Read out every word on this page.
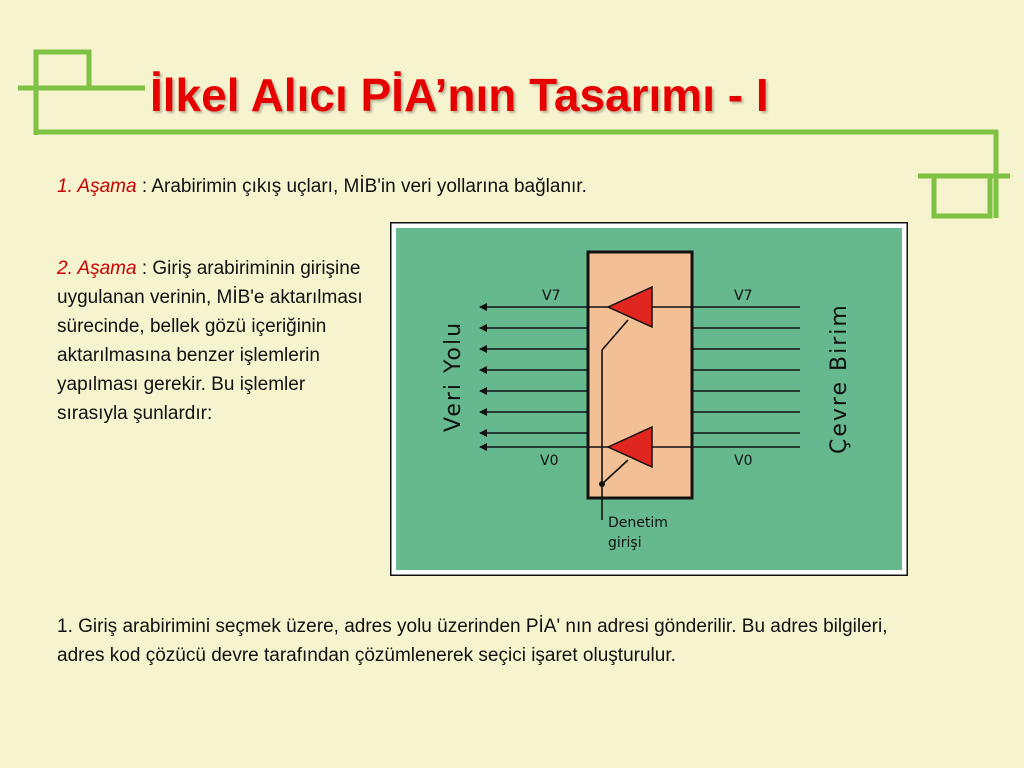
İlkel Alıcı PİA’nın Tasarımı - I
1. Aşama : Arabirimin çıkış uçları, MİB'in veri yollarına bağlanır.
2. Aşama : Giriş arabiriminin girişine uygulanan verinin, MİB'e aktarılması sürecinde, bellek gözü içeriğinin aktarılmasına benzer işlemlerin yapılması gerekir. Bu işlemler sırasıyla şunlardır:
V7
V0
V7
V0
Veri Yolu	Çevre Birim
Denetim
girişi
1. Giriş arabirimini seçmek üzere, adres yolu üzerinden PİA' nın adresi gönderilir. Bu adres bilgileri, adres kod çözücü devre tarafından çözümlenerek seçici işaret oluşturulur.
